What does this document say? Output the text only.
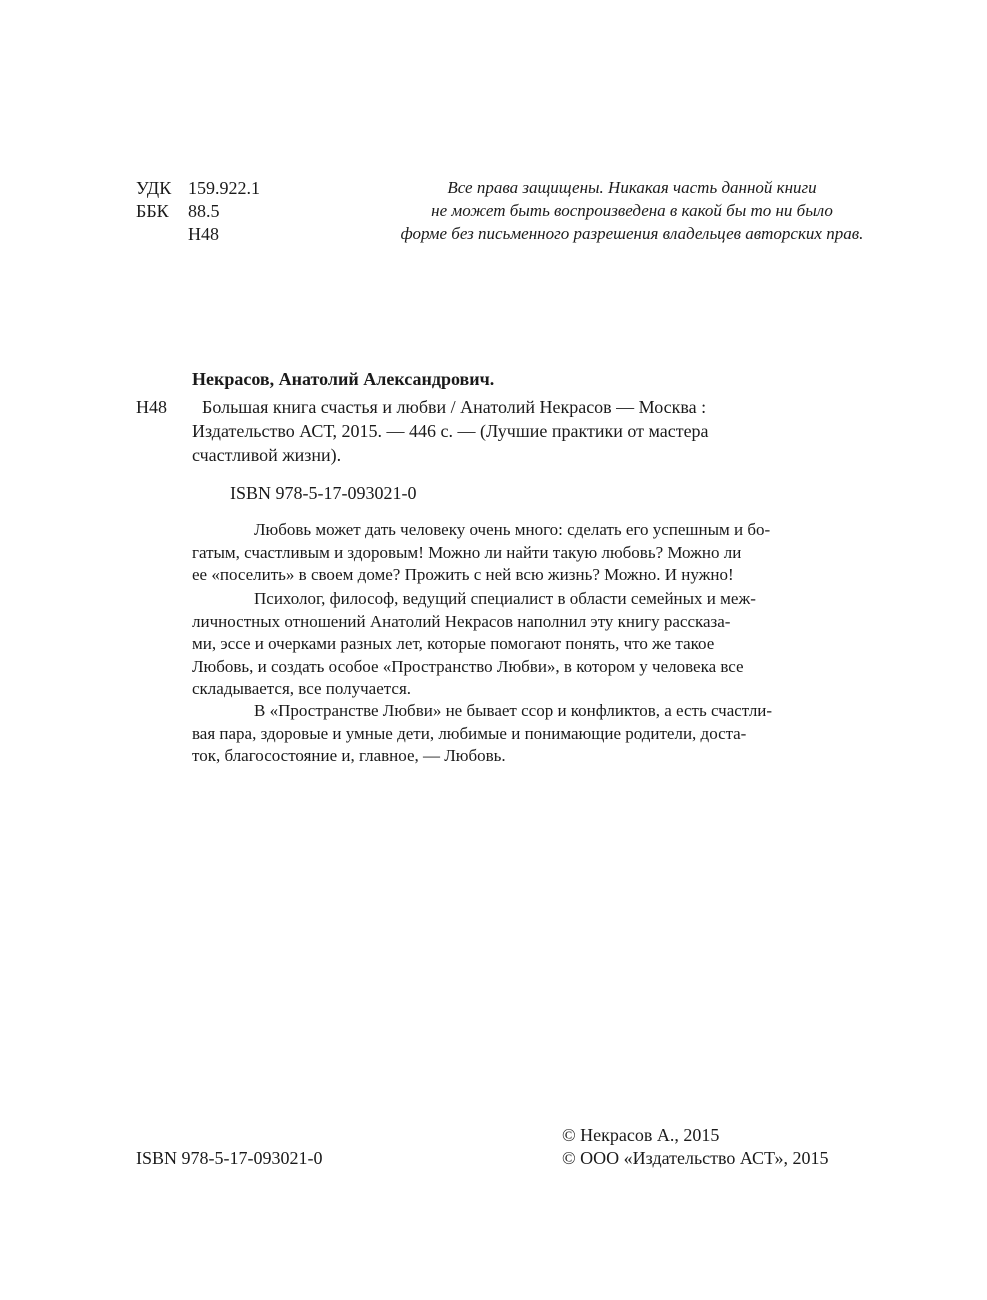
УДК 159.922.1
ББК 88.5
Н48
Все права защищены. Никакая часть данной книги
не может быть воспроизведена в какой бы то ни было
форме без письменного разрешения владельцев авторских прав.
Некрасов, Анатолий Александрович.
Н48 Большая книга счастья и любви / Анатолий Некрасов — Москва :
Издательство АСТ, 2015. — 446 с. — (Лучшие практики от мастера
счастливой жизни).
ISBN 978-5-17-093021-0
Любовь может дать человеку очень много: сделать его успешным и бо-
гатым, счастливым и здоровым! Можно ли найти такую любовь? Можно ли
ее «поселить» в своем доме? Прожить с ней всю жизнь? Можно. И нужно!
Психолог, философ, ведущий специалист в области семейных и меж-
личностных отношений Анатолий Некрасов наполнил эту книгу рассказа-
ми, эссе и очерками разных лет, которые помогают понять, что же такое
Любовь, и создать особое «Пространство Любви», в котором у человека все
складывается, все получается.
В «Пространстве Любви» не бывает ссор и конфликтов, а есть счастли-
вая пара, здоровые и умные дети, любимые и понимающие родители, достa-
ток, благосостояние и, главное, — Любовь.
ISBN 978-5-17-093021-0
© Некрасов А., 2015
© ООО «Издательство АСТ», 2015
